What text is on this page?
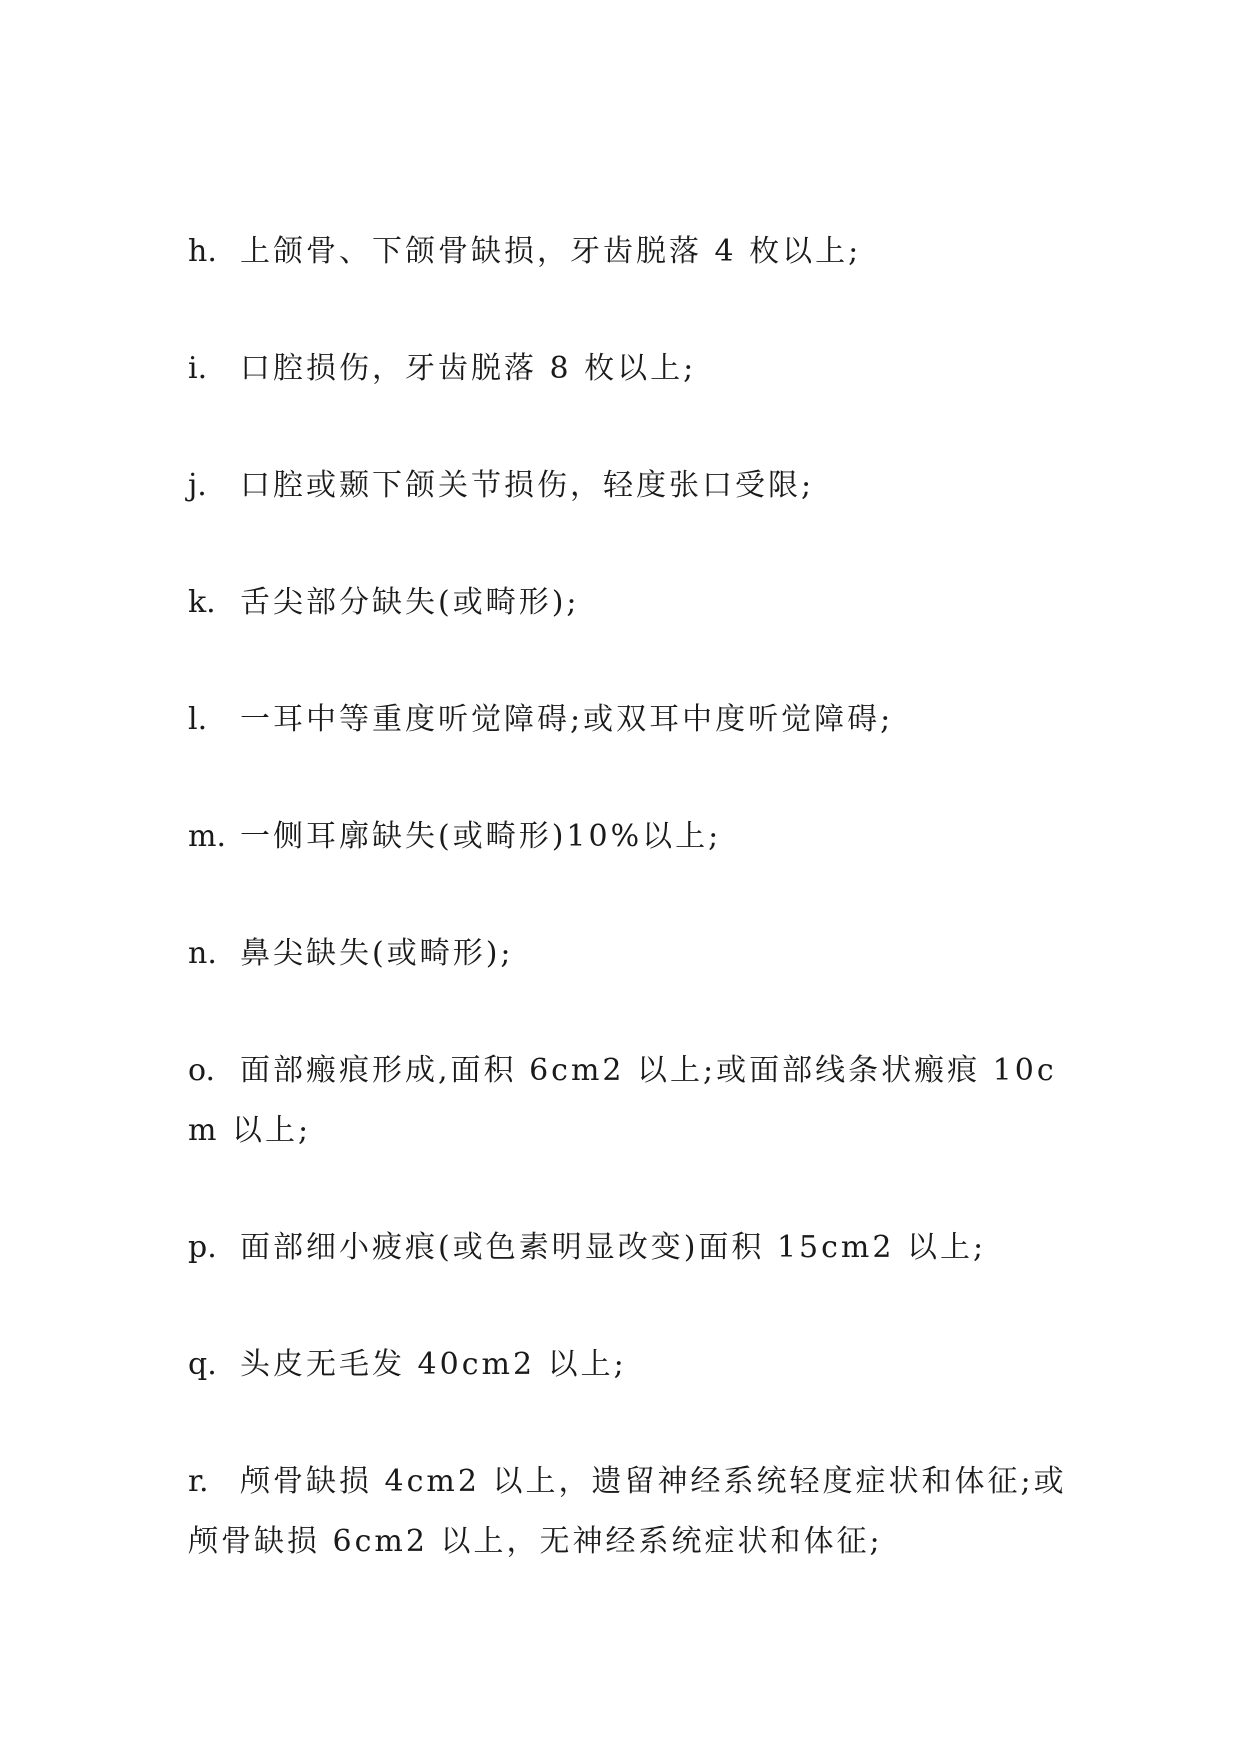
h. 上颌骨、下颌骨缺损，牙齿脱落 4 枚以上;

i. 口腔损伤，牙齿脱落 8 枚以上;

j. 口腔或颞下颌关节损伤，轻度张口受限;

k. 舌尖部分缺失(或畸形);

l. 一耳中等重度听觉障碍;或双耳中度听觉障碍;

m. 一侧耳廓缺失(或畸形)10%以上;

n. 鼻尖缺失(或畸形);

o. 面部瘢痕形成,面积 6cm2 以上;或面部线条状瘢痕 10cm 以上;

p. 面部细小疲痕(或色素明显改变)面积 15cm2 以上;

q. 头皮无毛发 40cm2 以上;

r. 颅骨缺损 4cm2 以上，遗留神经系统轻度症状和体征;或颅骨缺损 6cm2 以上，无神经系统症状和体征;
